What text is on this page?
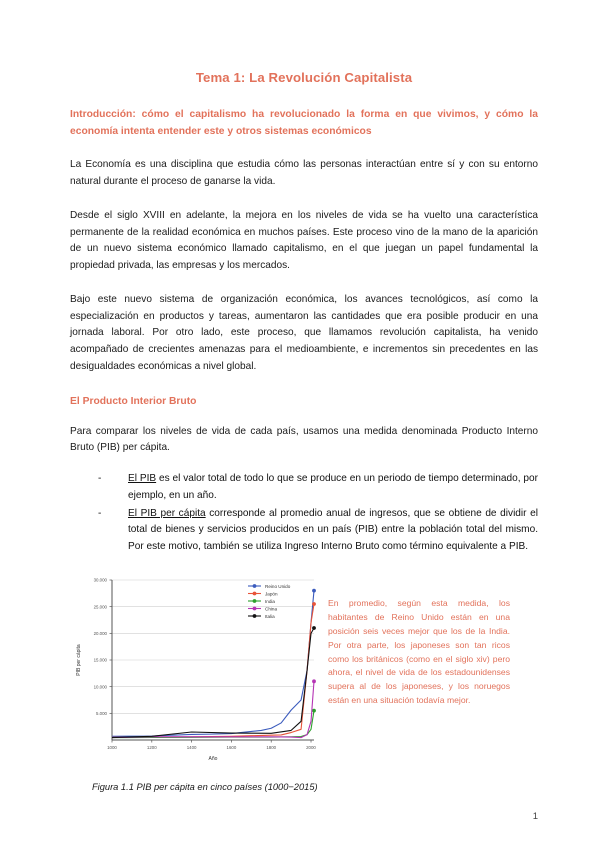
Tema 1: La Revolución Capitalista
Introducción: cómo el capitalismo ha revolucionado la forma en que vivimos, y cómo la economía intenta entender este y otros sistemas económicos

La Economía es una disciplina que estudia cómo las personas interactúan entre sí y con su entorno natural durante el proceso de ganarse la vida.

Desde el siglo XVIII en adelante, la mejora en los niveles de vida se ha vuelto una característica permanente de la realidad económica en muchos países. Este proceso vino de la mano de la aparición de un nuevo sistema económico llamado capitalismo, en el que juegan un papel fundamental la propiedad privada, las empresas y los mercados.

Bajo este nuevo sistema de organización económica, los avances tecnológicos, así como la especialización en productos y tareas, aumentaron las cantidades que era posible producir en una jornada laboral. Por otro lado, este proceso, que llamamos revolución capitalista, ha venido acompañado de crecientes amenazas para el medioambiente, e incrementos sin precedentes en las desigualdades económicas a nivel global.

El Producto Interior Bruto

Para comparar los niveles de vida de cada país, usamos una medida denominada Producto Interno Bruto (PIB) per cápita.

-	El PIB es el valor total de todo lo que se produce en un periodo de tiempo determinado, por ejemplo, en un año.
-	El PIB per cápita corresponde al promedio anual de ingresos, que se obtiene de dividir el total de bienes y servicios producidos en un país (PIB) entre la población total del mismo. Por este motivo, también se utiliza Ingreso Interno Bruto como término equivalente a PIB.
5.000
10.000
15.000
20.000
25.000
30.000
1000	1200	1400	1600	1800	2000
Año
PIB per cápita
Reino Unido
Japón
India
China
Italia
En promedio, según esta medida, los habitantes de Reino Unido están en una posición seis veces mejor que los de la India. Por otra parte, los japoneses son tan ricos como los británicos (como en el siglo xiv) pero ahora, el nivel de vida de los estadounidenses supera al de los japoneses, y los noruegos están en una situación todavía mejor.
Figura 1.1 PIB per cápita en cinco países (1000−2015)
1
